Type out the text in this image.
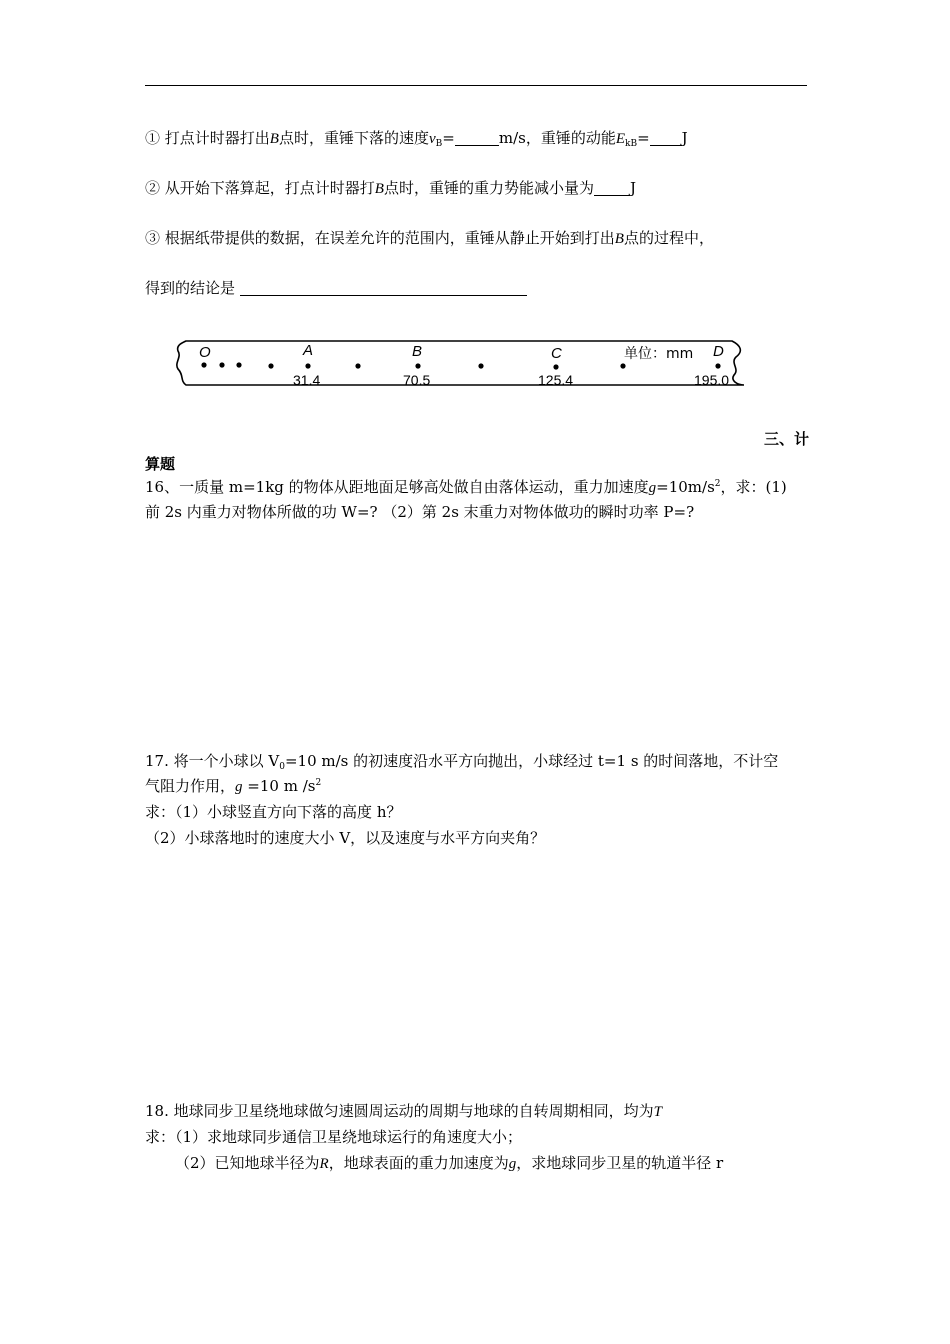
① 打点计时器打出B点时，重锤下落的速度$v_B=$	m/s，重锤的动能$E_{kB}= J$
② 从开始下落算起，打点计时器打B点时，重锤的重力势能减小量为 J
③ 根据纸带提供的数据，在误差允许的范围内，重锤从静止开始到打出B点的过程中，
得到的结论是
O	A	B	C	单位：mm D
31.4	70.5	125.4	195.0
三、计
算题
16、一质量 m=1kg 的物体从距地面足够高处做自由落体运动，重力加速度$g=10m/s^2$，求：(1)
前 2s 内重力对物体所做的功 W=? （2）第 2s 末重力对物体做功的瞬时功率 P=?
17. 将一个小球以 $V_0=10$ m/s 的初速度沿水平方向抛出，小球经过 t=1 s 的时间落地，不计空
气阻力作用，g =10 m $/s^2$
求：（1）小球竖直方向下落的高度 h？
（2）小球落地时的速度大小 V，以及速度与水平方向夹角？
18. 地球同步卫星绕地球做匀速圆周运动的周期与地球的自转周期相同，均为T
求：（1）求地球同步通信卫星绕地球运行的角速度大小；
（2）已知地球半径为R，地球表面的重力加速度为g，求地球同步卫星的轨道半径 r
